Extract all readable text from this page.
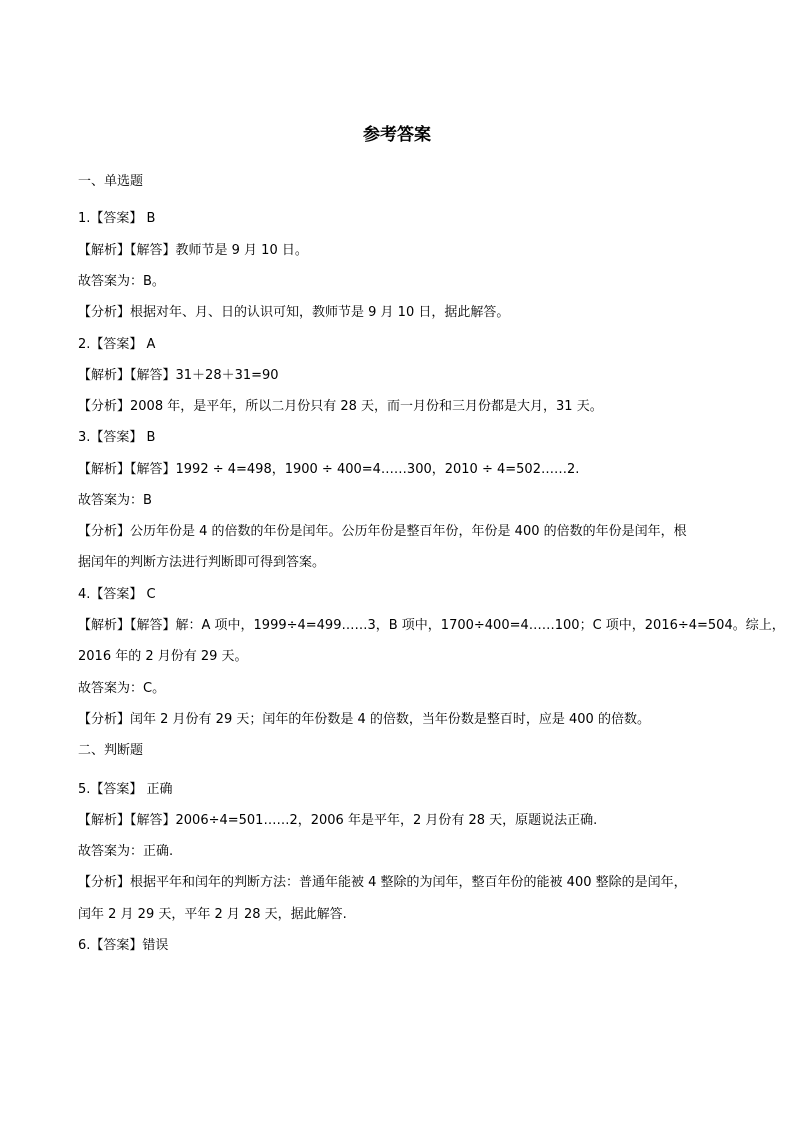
参考答案
一、单选题
1.【答案】 B
【解析】【解答】教师节是 9 月 10 日。
故答案为：B。
【分析】根据对年、月、日的认识可知，教师节是 9 月 10 日，据此解答。
2.【答案】 A
【解析】【解答】31＋28＋31=90
【分析】2008 年，是平年，所以二月份只有 28 天，而一月份和三月份都是大月，31 天。
3.【答案】 B
【解析】【解答】1992 ÷ 4=498，1900 ÷ 400=4……300，2010 ÷ 4=502……2.
故答案为：B
【分析】公历年份是 4 的倍数的年份是闰年。公历年份是整百年份，年份是 400 的倍数的年份是闰年，根
据闰年的判断方法进行判断即可得到答案。
4.【答案】 C
【解析】【解答】解：A 项中，1999÷4=499……3，B 项中，1700÷400=4……100；C 项中，2016÷4=504。综上，
2016 年的 2 月份有 29 天。
故答案为：C。
【分析】闰年 2 月份有 29 天；闰年的年份数是 4 的倍数，当年份数是整百时，应是 400 的倍数。
二、判断题
5.【答案】 正确
【解析】【解答】2006÷4=501……2，2006 年是平年，2 月份有 28 天，原题说法正确.
故答案为：正确.
【分析】根据平年和闰年的判断方法：普通年能被 4 整除的为闰年，整百年份的能被 400 整除的是闰年，
闰年 2 月 29 天，平年 2 月 28 天，据此解答.
6.【答案】错误
